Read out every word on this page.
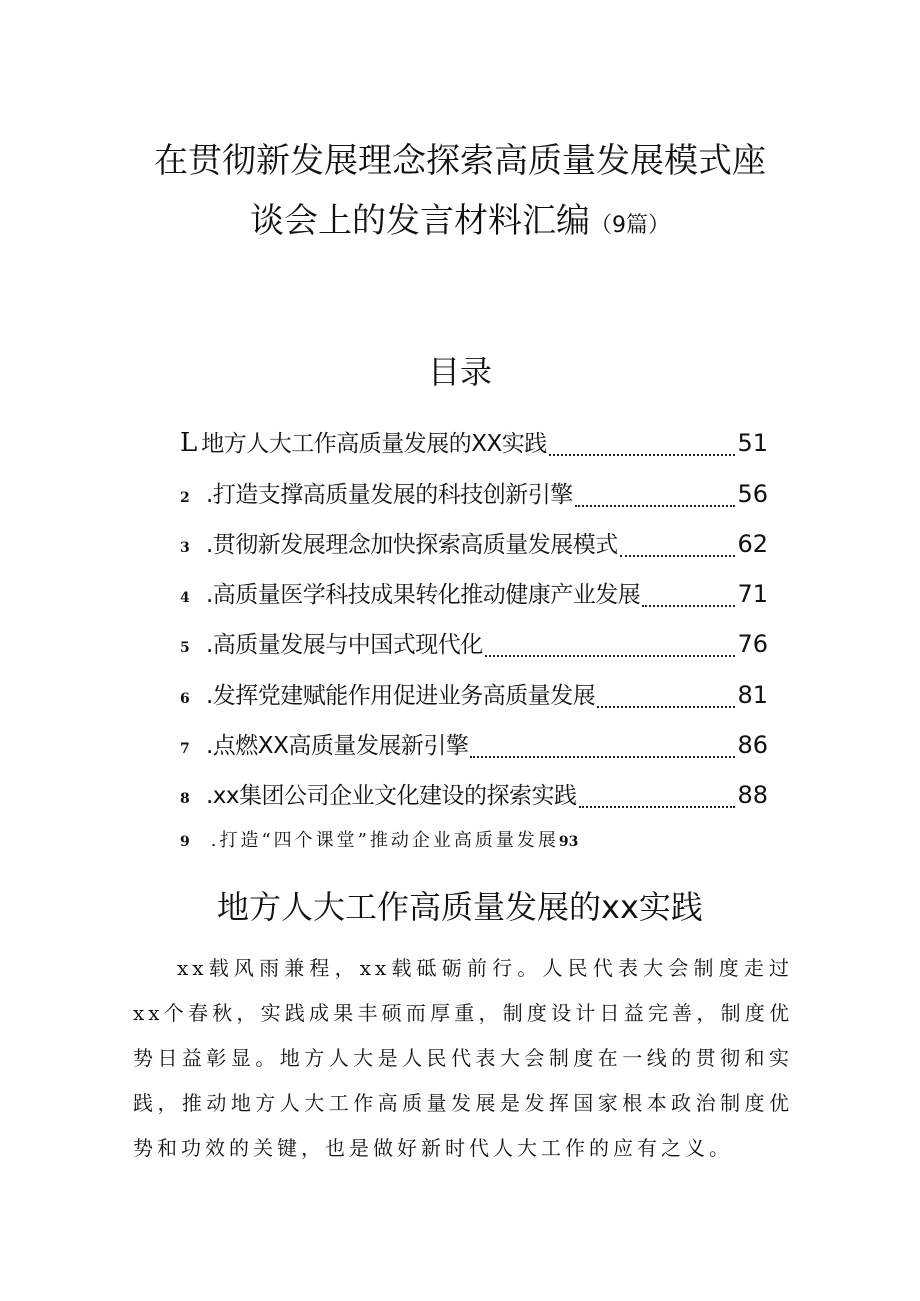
在贯彻新发展理念探索高质量发展模式座
谈会上的发言材料汇编（9篇）
目录
L 地方人大工作高质量发展的XX实践	51
2 .打造支撑高质量发展的科技创新引擎	56
3 .贯彻新发展理念加快探索高质量发展模式	62
4 .高质量医学科技成果转化推动健康产业发展	71
5 .高质量发展与中国式现代化	76
6 .发挥党建赋能作用促进业务高质量发展	81
7 .点燃XX高质量发展新引擎	86
8 .xx集团公司企业文化建设的探索实践	88
9 .打造“四个课堂”推动企业高质量发展93
地方人大工作高质量发展的xx实践

xx载风雨兼程，xx载砥砺前行。人民代表大会制度走过xx个春秋，实践成果丰硕而厚重，制度设计日益完善，制度优势日益彰显。地方人大是人民代表大会制度在一线的贯彻和实践，推动地方人大工作高质量发展是发挥国家根本政治制度优势和功效的关键，也是做好新时代人大工作的应有之义。
